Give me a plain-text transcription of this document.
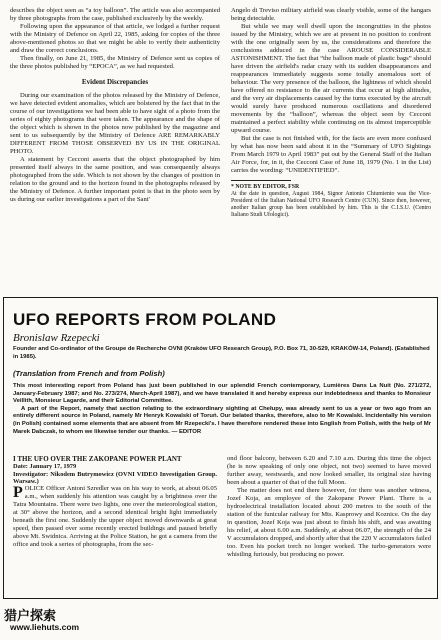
describes the object seen as “a toy balloon”. The article was also accompanied by three photographs from the case, published exclusively by the weekly.

Following upon the appearance of that article, we lodged a further request with the Ministry of Defence on April 22, 1985, asking for copies of the three above-mentioned photos so that we might be able to verify their authenticity and draw the correct conclusions.

Then finally, on June 21, 1985, the Ministry of Defence sent us copies of the three photos published by “EPOCA”, as we had requested.

Evident Discrepancies

During our examination of the photos released by the Ministry of Defence, we have detected evident anomalies, which are bolstered by the fact that in the course of our investigations we had been able to have sight of a photo from the series of eighty photograms that were taken. The appearance and the shape of the object which is shown in the photos now published by the magazine and sent to us subsequently by the Ministry of Defence ARE REMARKABLY DIFFERENT FROM THOSE OBSERVED BY US IN THE ORIGINAL PHOTO.

A statement by Cecconi asserts that the object photographed by him presented itself always in the same position, and was consequently always photographed from the side. Which is not shown by the changes of position in relation to the ground and to the horizon found in the photographs released by the Ministry of Defence. A further important point is that in the photo seen by us during our earlier investigations a part of the Sant'

Angelo di Treviso military airfield was clearly visible, some of the hangars being detectable.

But while we may well dwell upon the incongruities in the photos issued by the Ministry, which we are at present in no position to confront with the one originally seen by us, the considerations and therefore the conclusions adduced in the case AROUSE CONSIDERABLE ASTONISHMENT. The fact that “the balloon made of plastic bags” should have driven the airfield's radar crazy with its sudden disappearances and reappearances immediately suggests some totally anomalous sort of behaviour. The very presence of the balloon, the lightness of which should have offered no resistance to the air currents that occur at high altitudes, and the very air displacements caused by the turns executed by the aircraft would surely have produced numerous oscillations and disordered movements by the “balloon”, whereas the object seen by Cecconi maintained a perfect stability while continuing on its almost imperceptible upward course.

But the case is not finished with, for the facts are even more confused by what has now been said about it in the “Summary of UFO Sightings From March 1979 to April 1983” put out by the General Staff of the Italian Air Force, for, in it, the Cecconi Case of June 18, 1979 (No. 1 in the List) carries the wording: “UNIDENTIFIED”.

* NOTE BY EDITOR, FSR

At the date in question, August 1984, Signor Antonio Chiumiento was the Vice-President of the Italian National UFO Research Centre (CUN). Since then, however, another Italian group has been established by him. This is the C.I.S.U. (Centro Italiano Studi Ufologici).

UFO REPORTS FROM POLAND

Bronislaw Rzepecki

Founder and Co-ordinator of the Groupe de Recherche OVNI (Kraków UFO Research Group), P.O. Box 71, 30-529, KRAKÓW-14, Poland). (Established in 1985).

(Translation from French and from Polish)

This most interesting report from Poland has just been published in our splendid French contemporary, Lumières Dans La Nuit (No. 271/272, January-February 1987; and No. 273/274, March-April 1987), and we have translated it and hereby express our indebtedness and thanks to Monsieur Veillith, Monsieur Lagarde, and their Editorial Committee.

A part of the Report, namely that section relating to the extraordinary sighting at Chełupy, was already sent to us a year or two ago from an entirely different source in Poland, namely Mr Henryk Kowalski of Toruń. Our belated thanks, therefore, also to Mr Kowalski. Incidentally his version (in Polish) contained some elements that are absent from Mr Rzepecki's. I have therefore rendered these into English from Polish, with the help of Mr Marek Dabczak, to whom we likewise tender our thanks. — EDITOR

I THE UFO OVER THE ZAKOPANE POWER PLANT

Date: January 17, 1979

Investigator: Nikodem Butrymowicz (OVNI VIDEO Investigation Group. Warsaw.)

POLICE Officer Antoni Szredler was on his way to work, at about 06.05 a.m., when suddenly his attention was caught by a brightness over the Tatra Mountains. There were two lights, one over the meteorological station, at 30° above the horizon, and a second identical bright light immediately beneath the first one. Suddenly the upper object moved downwards at great speed, then passed over some recently erected buildings and paused briefly above Mt. Swidnica. Arriving at the Police Station, he got a camera from the office and took a series of photographs, from the sec-

ond floor balcony, between 6.20 and 7.10 a.m. During this time the object (he is now speaking of only one object, not two) seemed to have moved further away, westwards, and now looked smaller, its original size having been about a quarter of that of the full Moon.

The matter does not end there however, for there was another witness, Jozef Koja, an employee of the Zakopane Power Plant. There is a hydroelectrical installation located about 200 metres to the south of the station of the funicular railway for Mts. Kasprowy and Koznice. On the day in question, Jozef Koja was just about to finish his shift, and was awaiting his relief, at about 6.00 a.m. Suddenly, at about 06.07, the strength of the 24 V accumulators dropped, and shortly after that the 220 V accumulators failed too. Even his pocket torch no longer worked. The turbo-generators were whistling furiously, but producing no power.

猎户探索
www.liehuts.com
